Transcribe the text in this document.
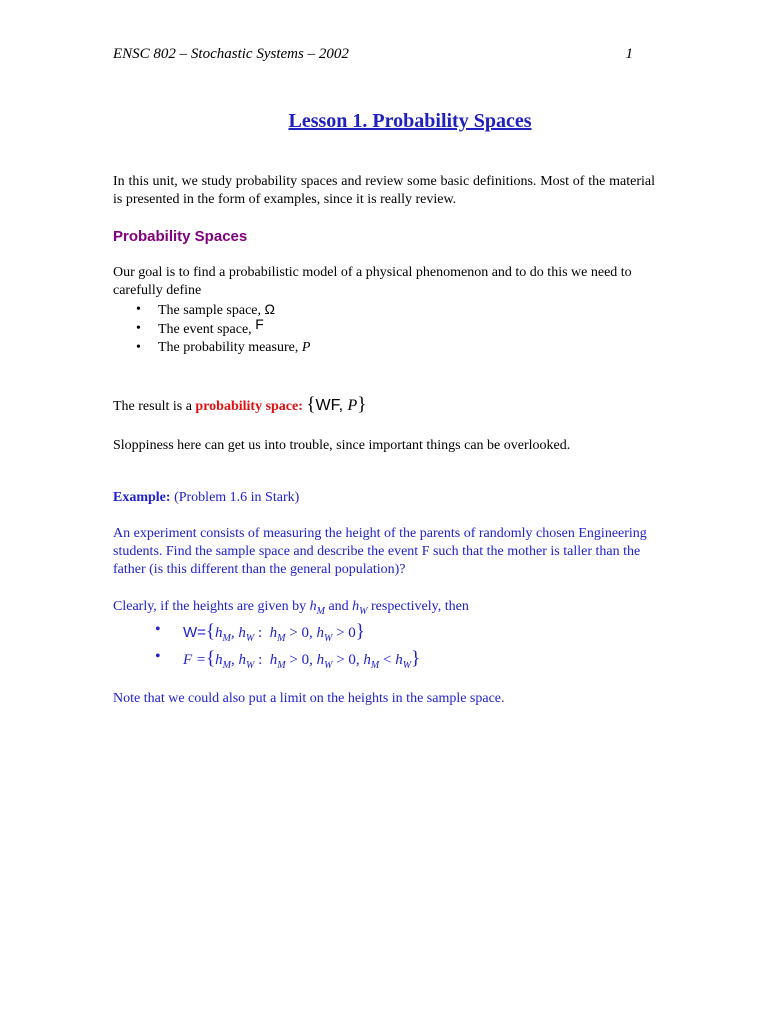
ENSC 802 – Stochastic Systems – 2002	1
Lesson 1. Probability Spaces
In this unit, we study probability spaces and review some basic definitions. Most of the material is presented in the form of examples, since it is really review.
Probability Spaces
Our goal is to find a probabilistic model of a physical phenomenon and to do this we need to carefully define
• The sample space, Ω
• The event space, F
• The probability measure, P
The result is a probability space: {WF, P}
Sloppiness here can get us into trouble, since important things can be overlooked.
Example: (Problem 1.6 in Stark)
An experiment consists of measuring the height of the parents of randomly chosen Engineering students. Find the sample space and describe the event F such that the mother is taller than the father (is this different than the general population)?
Clearly, if the heights are given by $h_M$ and $h_W$ respectively, then
• $W=\{h_M$, $h_W$ :  $h_M > 0$, $h_W > 0$}
• $F =\{h_M$, $h_W$ :  $h_M > 0$, $h_W > 0$, $h_M < h_W$}
Note that we could also put a limit on the heights in the sample space.
